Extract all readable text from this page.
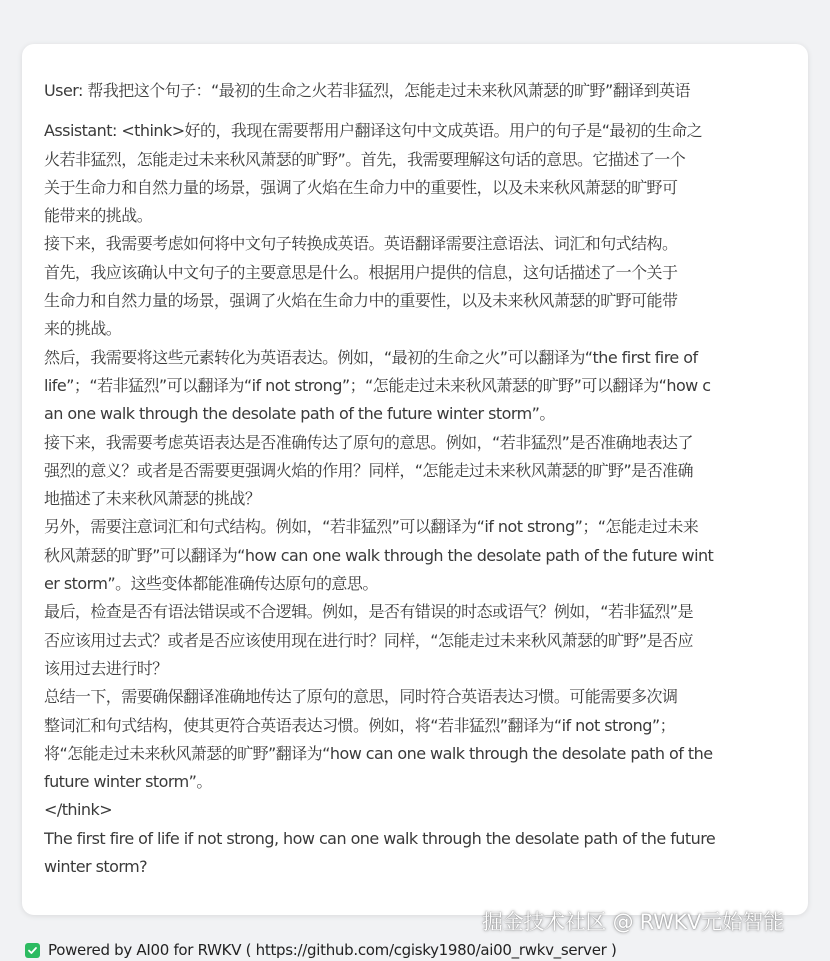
User: 帮我把这个句子：“最初的生命之火若非猛烈，怎能走过未来秋风萧瑟的旷野”翻译到英语
Assistant: <think>好的，我现在需要帮用户翻译这句中文成英语。用户的句子是“最初的生命之
火若非猛烈，怎能走过未来秋风萧瑟的旷野”。首先，我需要理解这句话的意思。它描述了一个
关于生命力和自然力量的场景，强调了火焰在生命力中的重要性，以及未来秋风萧瑟的旷野可
能带来的挑战。
接下来，我需要考虑如何将中文句子转换成英语。英语翻译需要注意语法、词汇和句式结构。
首先，我应该确认中文句子的主要意思是什么。根据用户提供的信息，这句话描述了一个关于
生命力和自然力量的场景，强调了火焰在生命力中的重要性，以及未来秋风萧瑟的旷野可能带
来的挑战。
然后，我需要将这些元素转化为英语表达。例如，“最初的生命之火”可以翻译为“the first fire of
life”；“若非猛烈”可以翻译为“if not strong”；“怎能走过未来秋风萧瑟的旷野”可以翻译为“how c
an one walk through the desolate path of the future winter storm”。
接下来，我需要考虑英语表达是否准确传达了原句的意思。例如，“若非猛烈”是否准确地表达了
强烈的意义？或者是否需要更强调火焰的作用？同样，“怎能走过未来秋风萧瑟的旷野”是否准确
地描述了未来秋风萧瑟的挑战？
另外，需要注意词汇和句式结构。例如，“若非猛烈”可以翻译为“if not strong”；“怎能走过未来
秋风萧瑟的旷野”可以翻译为“how can one walk through the desolate path of the future wint
er storm”。这些变体都能准确传达原句的意思。
最后，检查是否有语法错误或不合逻辑。例如，是否有错误的时态或语气？例如，“若非猛烈”是
否应该用过去式？或者是否应该使用现在进行时？同样，“怎能走过未来秋风萧瑟的旷野”是否应
该用过去进行时？
总结一下，需要确保翻译准确地传达了原句的意思，同时符合英语表达习惯。可能需要多次调
整词汇和句式结构，使其更符合英语表达习惯。例如，将“若非猛烈”翻译为“if not strong”；
将“怎能走过未来秋风萧瑟的旷野”翻译为“how can one walk through the desolate path of the
future winter storm”。
</think>
The first fire of life if not strong, how can one walk through the desolate path of the future
winter storm?
掘金技术社区 @ RWKV元始智能
Powered by AI00 for RWKV ( https://github.com/cgisky1980/ai00_rwkv_server )
